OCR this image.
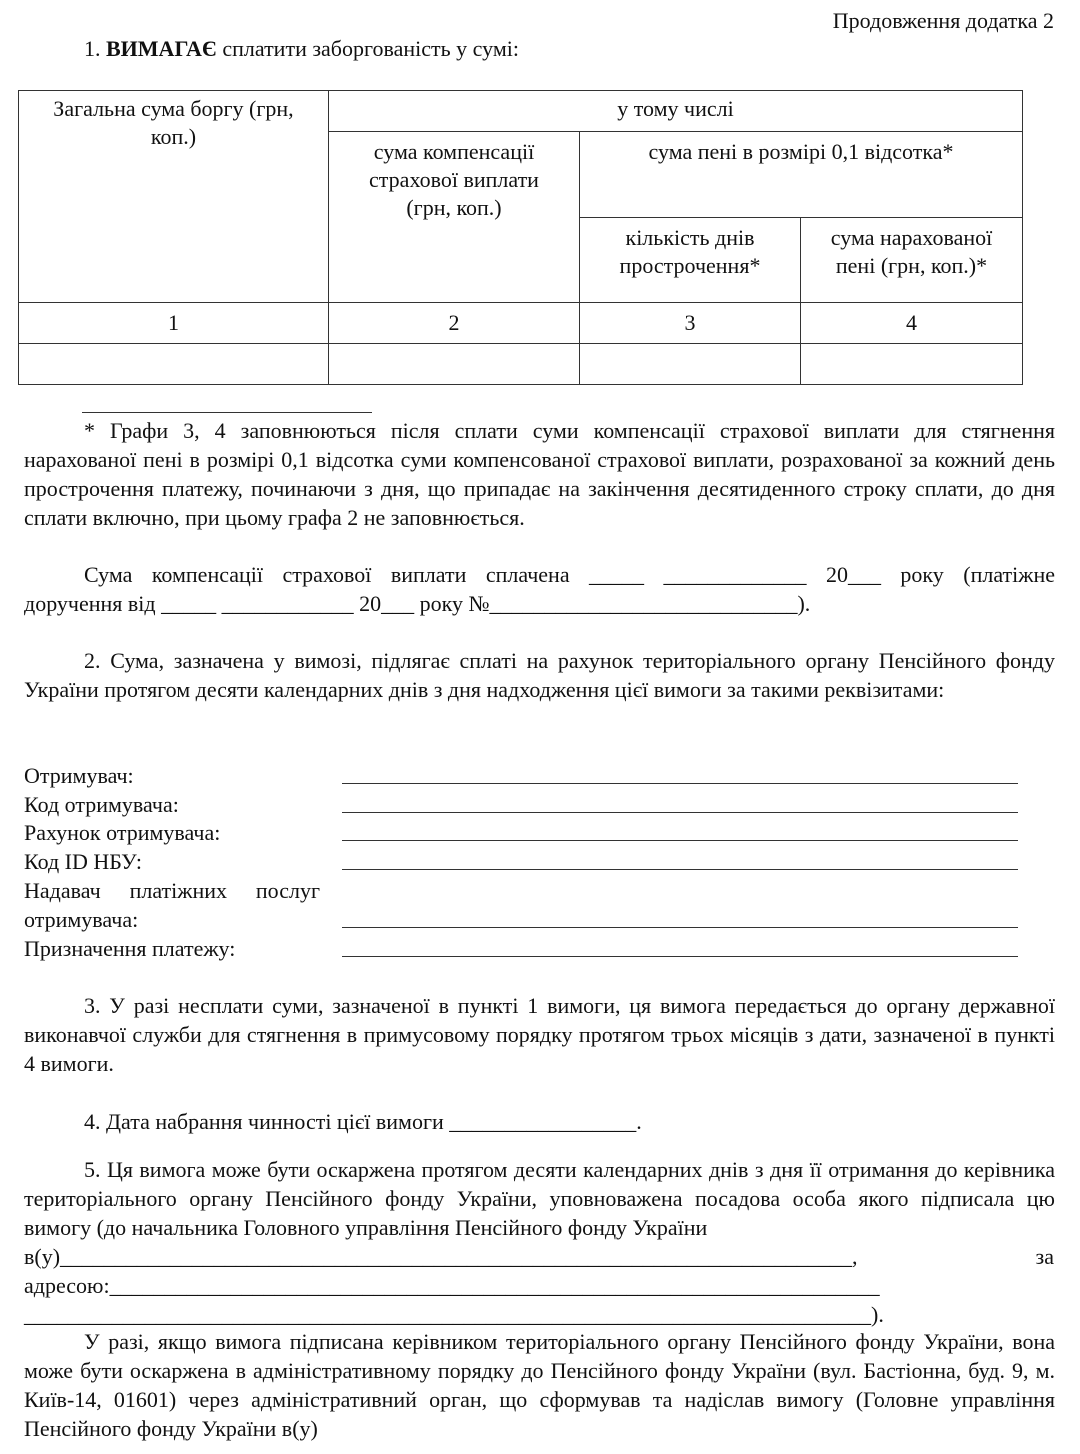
Продовження додатка 2
1. ВИМАГАЄ сплатити заборгованість у сумі:
Загальна сума боргу (грн, коп.)	у тому числі		
	сума компенсації страхової виплати (грн, коп.)	сума пені в розмірі 0,1 відсотка*	
		кількість днів прострочення*	сума нарахованої пені (грн, коп.)*
1	2	3	4

* Графи 3, 4 заповнюються після сплати суми компенсації страхової виплати для стягнення нарахованої пені в розмірі 0,1 відсотка суми компенсованої страхової виплати, розрахованої за кожний день прострочення платежу, починаючи з дня, що припадає на закінчення десятиденного строку сплати, до дня сплати включно, при цьому графа 2 не заповнюється.
Сума компенсації страхової виплати сплачена _____ _____________ 20___ року (платіжне
доручення від _____ ____________ 20___ року №____________________________).
2. Сума, зазначена у вимозі, підлягає сплаті на рахунок територіального органу Пенсійного фонду України протягом десяти календарних днів з дня надходження цієї вимоги за такими реквізитами:
Отримувач:
Код отримувача:
Рахунок отримувача:
Код ID НБУ:
Надавач платіжних послуг
отримувача:
Призначення платежу:
3. У разі несплати суми, зазначеної в пункті 1 вимоги, ця вимога передається до органу державної виконавчої служби для стягнення в примусовому порядку протягом трьох місяців з дати, зазначеної в пункті 4 вимоги.
4. Дата набрання чинності цієї вимоги _________________.
5. Ця вимога може бути оскаржена протягом десяти календарних днів з дня її отримання до керівника територіального органу Пенсійного фонду України, уповноважена посадова особа якого підписала цю вимогу (до начальника Головного управління Пенсійного фонду України
в(у)________________________________________________________________________,	за
адресою:______________________________________________________________________
_____________________________________________________________________________).
У разі, якщо вимога підписана керівником територіального органу Пенсійного фонду України, вона може бути оскаржена в адміністративному порядку до Пенсійного фонду України (вул. Бастіонна, буд. 9, м. Київ-14, 01601) через адміністративний орган, що сформував та надіслав вимогу (Головне управління Пенсійного фонду України в(у)
